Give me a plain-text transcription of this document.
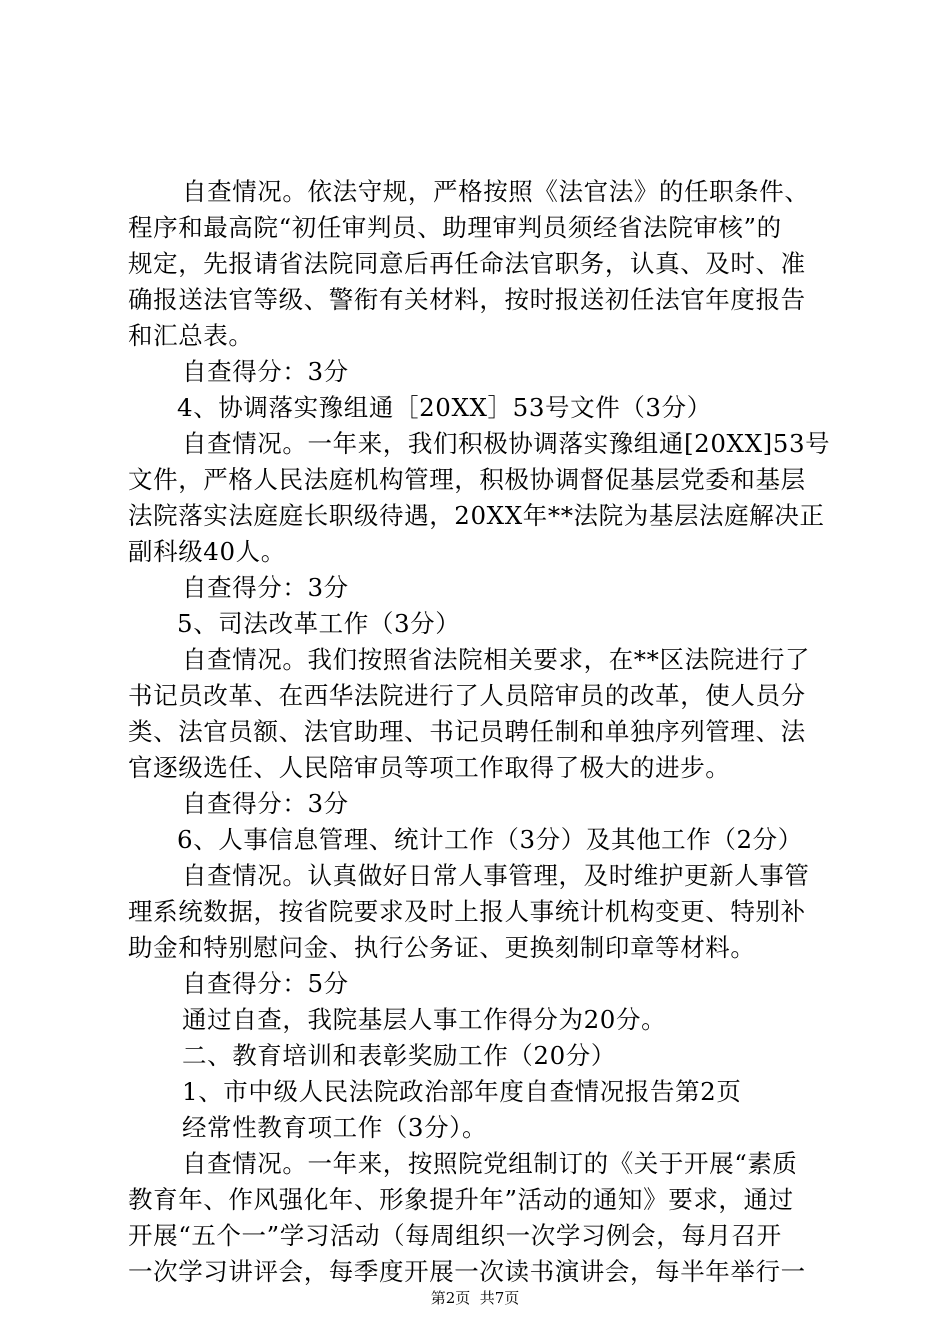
自查情况。依法守规，严格按照《法官法》的任职条件、
程序和最高院“初任审判员、助理审判员须经省法院审核”的
规定，先报请省法院同意后再任命法官职务，认真、及时、准
确报送法官等级、警衔有关材料，按时报送初任法官年度报告
和汇总表。
自查得分：3分
4、协调落实豫组通［20XX］53号文件（3分）
自查情况。一年来，我们积极协调落实豫组通[20XX]53号
文件，严格人民法庭机构管理，积极协调督促基层党委和基层
法院落实法庭庭长职级待遇，20XX年**法院为基层法庭解决正
副科级40人。
自查得分：3分
5、司法改革工作（3分）
自查情况。我们按照省法院相关要求，在**区法院进行了
书记员改革、在西华法院进行了人员陪审员的改革，使人员分
类、法官员额、法官助理、书记员聘任制和单独序列管理、法
官逐级选任、人民陪审员等项工作取得了极大的进步。
自查得分：3分
6、人事信息管理、统计工作（3分）及其他工作（2分）
自查情况。认真做好日常人事管理，及时维护更新人事管
理系统数据，按省院要求及时上报人事统计机构变更、特别补
助金和特别慰问金、执行公务证、更换刻制印章等材料。
自查得分：5分
通过自查，我院基层人事工作得分为20分。
二、教育培训和表彰奖励工作（20分）
1、市中级人民法院政治部年度自查情况报告第2页
经常性教育项工作（3分）。
自查情况。一年来，按照院党组制订的《关于开展“素质
教育年、作风强化年、形象提升年”活动的通知》要求，通过
开展“五个一”学习活动（每周组织一次学习例会，每月召开
一次学习讲评会，每季度开展一次读书演讲会，每半年举行一
第2页  共7页
